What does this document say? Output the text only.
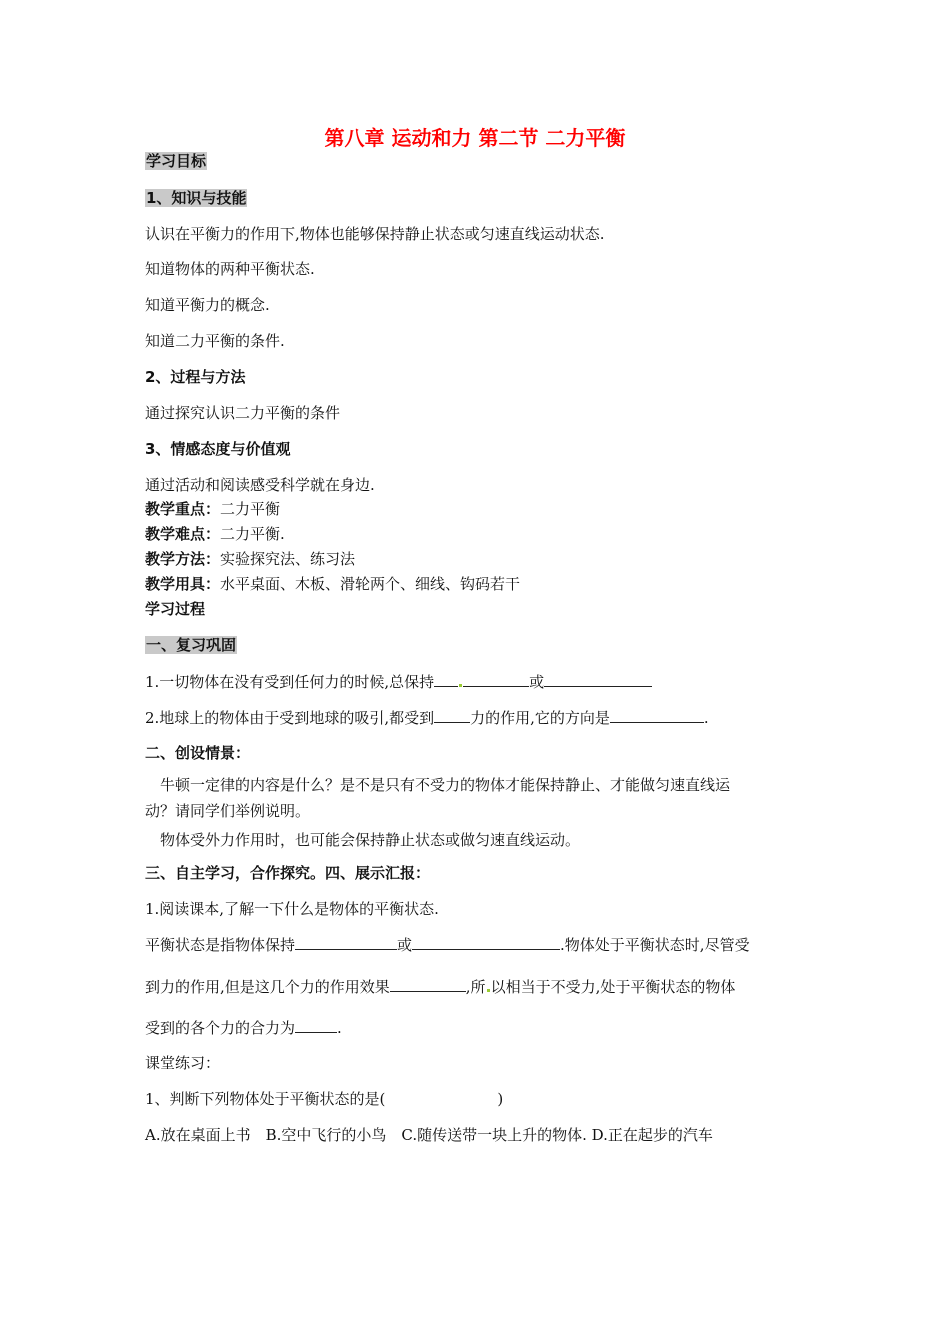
第八章 运动和力 第二节 二力平衡
学习目标
1、知识与技能
认识在平衡力的作用下,物体也能够保持静止状态或匀速直线运动状态.
知道物体的两种平衡状态.
知道平衡力的概念.
知道二力平衡的条件.
2、过程与方法
通过探究认识二力平衡的条件
3、情感态度与价值观
通过活动和阅读感受科学就在身边.
教学重点：二力平衡
教学难点：二力平衡.
教学方法：实验探究法、练习法
教学用具：水平桌面、木板、滑轮两个、细线、钩码若干
学习过程
一、复习巩固
1.一切物体在没有受到任何力的时候,总保持	或
2.地球上的物体由于受到地球的吸引,都受到 力的作用,它的方向是	.
二、创设情景：
牛顿一定律的内容是什么？是不是只有不受力的物体才能保持静止、才能做匀速直线运
动？请同学们举例说明。
物体受外力作用时，也可能会保持静止状态或做匀速直线运动。
三、自主学习，合作探究。四、展示汇报：
1.阅读课本,了解一下什么是物体的平衡状态.
平衡状态是指物体保持	或	.物体处于平衡状态时,尽管受
到力的作用,但是这几个力的作用效果	,所 以相当于不受力,处于平衡状态的物体
受到的各个力的合力为	.
课堂练习：
1、判断下列物体处于平衡状态的是(	)
A.放在桌面上书　B.空中飞行的小鸟　C.随传送带一块上升的物体. D.正在起步的汽车
